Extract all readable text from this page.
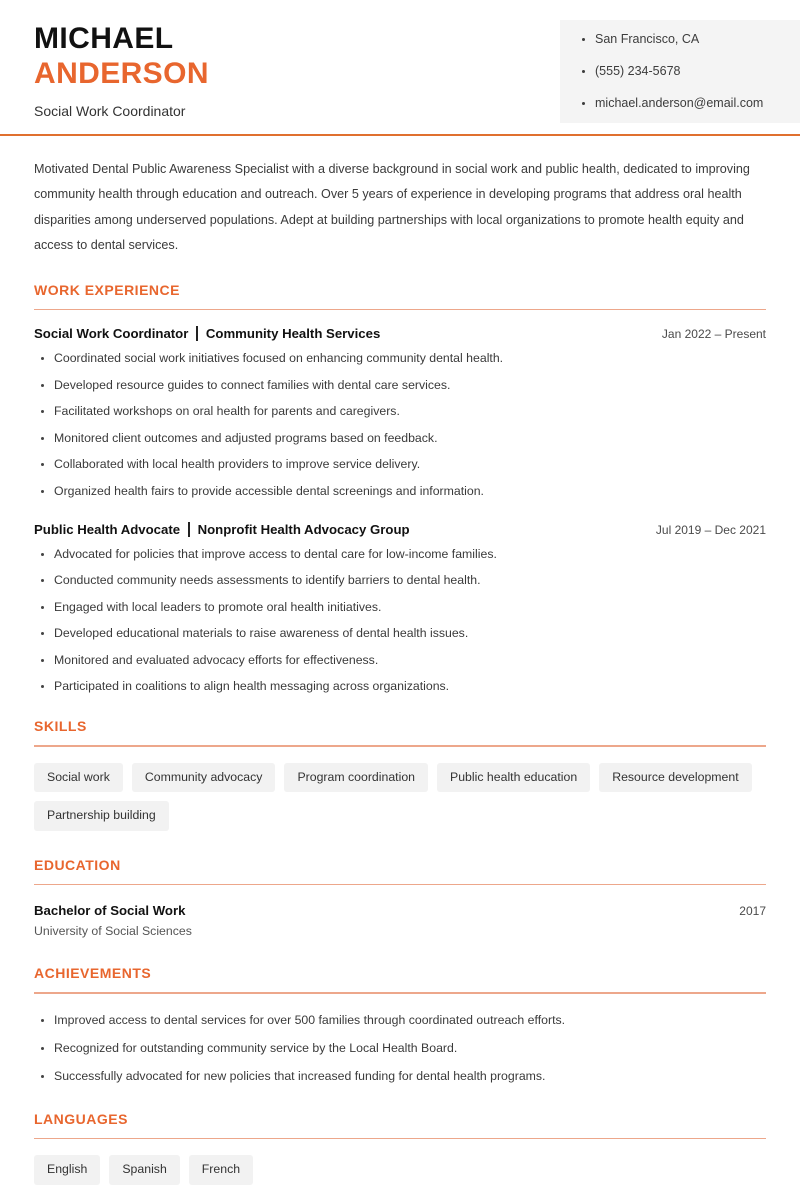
MICHAEL
ANDERSON
Social Work Coordinator
San Francisco, CA
(555) 234-5678
michael.anderson@email.com

Motivated Dental Public Awareness Specialist with a diverse background in social work and public health, dedicated to improving community health through education and outreach. Over 5 years of experience in developing programs that address oral health disparities among underserved populations. Adept at building partnerships with local organizations to promote health equity and access to dental services.

WORK EXPERIENCE
Social Work Coordinator Community Health Services	Jan 2022 – Present
Coordinated social work initiatives focused on enhancing community dental health.
Developed resource guides to connect families with dental care services.
Facilitated workshops on oral health for parents and caregivers.
Monitored client outcomes and adjusted programs based on feedback.
Collaborated with local health providers to improve service delivery.
Organized health fairs to provide accessible dental screenings and information.
Public Health Advocate Nonprofit Health Advocacy Group	Jul 2019 – Dec 2021
Advocated for policies that improve access to dental care for low-income families.
Conducted community needs assessments to identify barriers to dental health.
Engaged with local leaders to promote oral health initiatives.
Developed educational materials to raise awareness of dental health issues.
Monitored and evaluated advocacy efforts for effectiveness.
Participated in coalitions to align health messaging across organizations.
SKILLS
Social work	Community advocacy	Program coordination	Public health education	Resource development
Partnership building
EDUCATION
Bachelor of Social Work	2017
University of Social Sciences
ACHIEVEMENTS
Improved access to dental services for over 500 families through coordinated outreach efforts.
Recognized for outstanding community service by the Local Health Board.
Successfully advocated for new policies that increased funding for dental health programs.
LANGUAGES
English	Spanish	French
